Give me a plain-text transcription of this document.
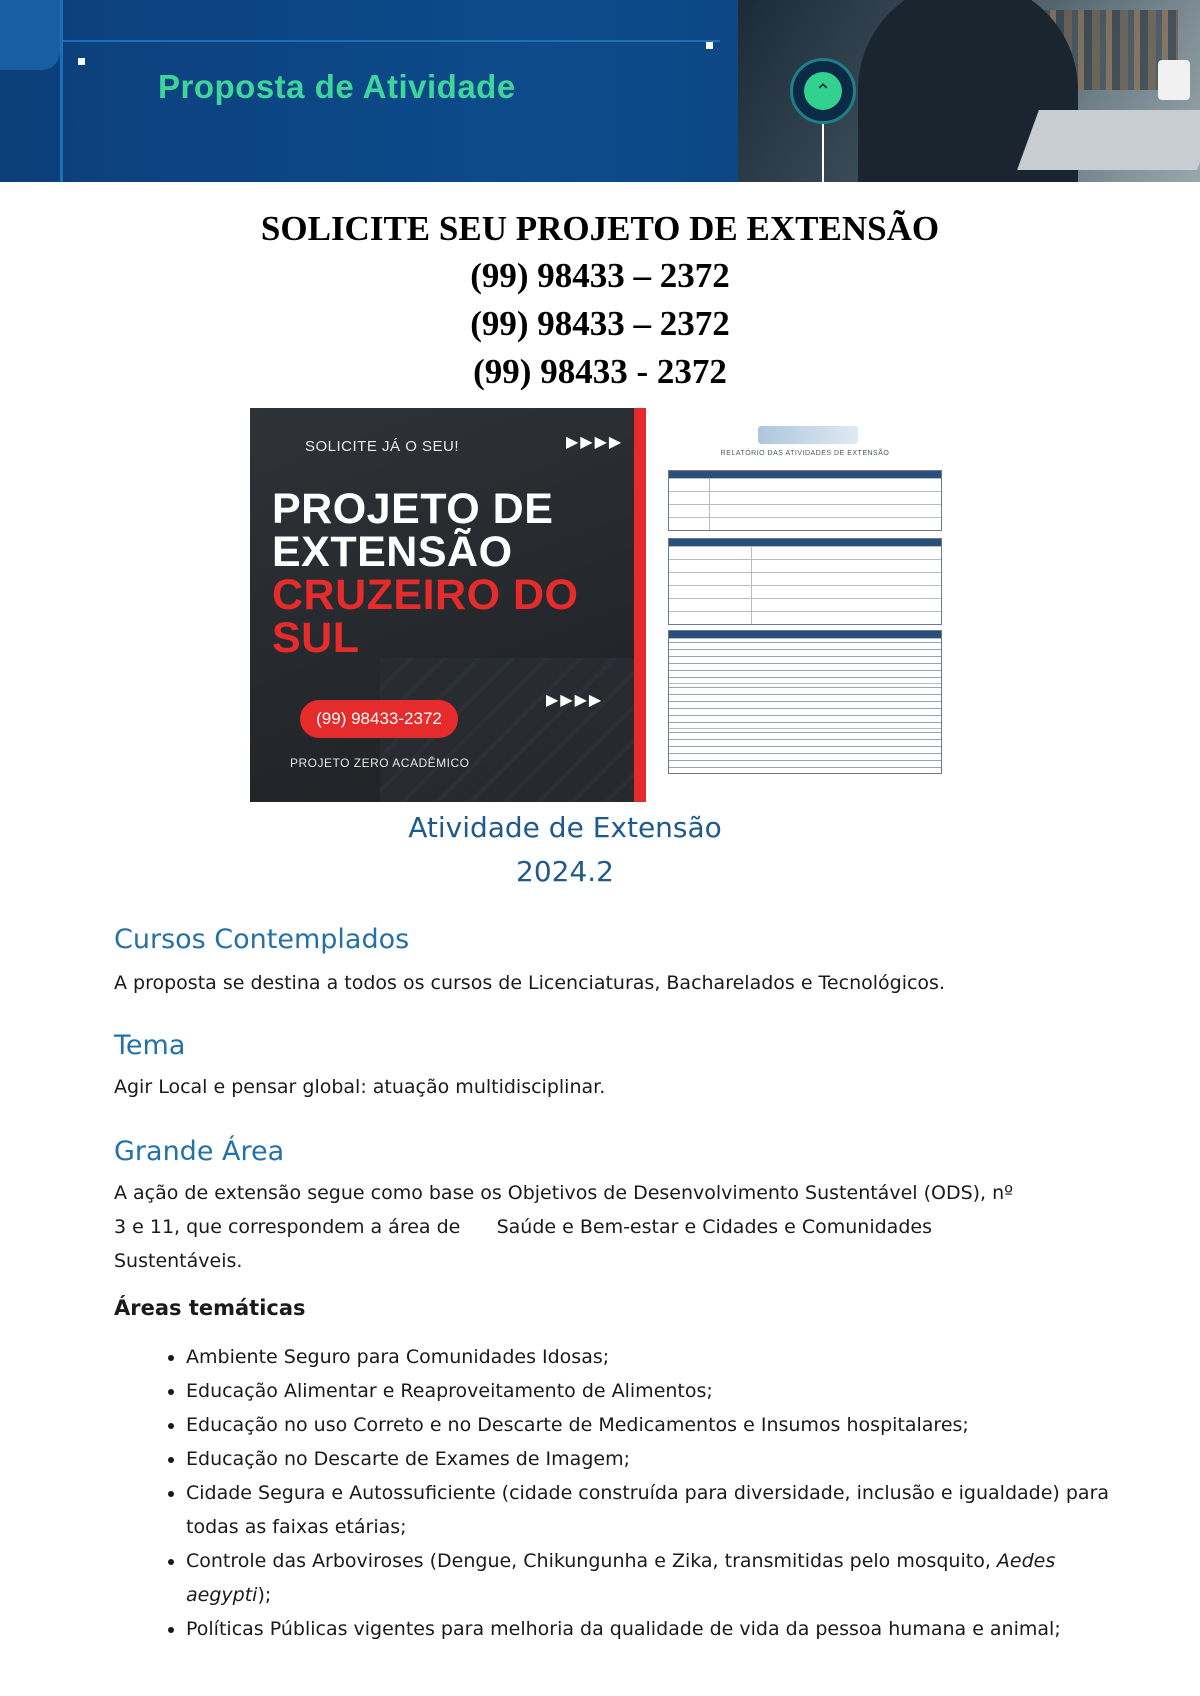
Proposta de Atividade	⌃
SOLICITE SEU PROJETO DE EXTENSÃO
(99) 98433 – 2372
(99) 98433 – 2372
(99) 98433 - 2372
SOLICITE JÁ O SEU!	▶▶▶▶
PROJETO DE
EXTENSÃO
CRUZEIRO DO
SUL
▶▶▶▶
(99) 98433-2372
PROJETO ZERO ACADÊMICO
RELATÓRIO DAS ATIVIDADES DE EXTENSÃO
Atividade de Extensão
2024.2
Cursos Contemplados
A proposta se destina a todos os cursos de Licenciaturas, Bacharelados e Tecnológicos.
Tema
Agir Local e pensar global: atuação multidisciplinar.
Grande Área
A ação de extensão segue como base os Objetivos de Desenvolvimento Sustentável (ODS), nº
3 e 11, que correspondem a área de      Saúde e Bem-estar e Cidades e Comunidades
Sustentáveis.
Áreas temáticas
• Ambiente Seguro para Comunidades Idosas;
• Educação Alimentar e Reaproveitamento de Alimentos;
• Educação no uso Correto e no Descarte de Medicamentos e Insumos hospitalares;
• Educação no Descarte de Exames de Imagem;
• Cidade Segura e Autossuficiente (cidade construída para diversidade, inclusão e igualdade) para todas as faixas etárias;
• Controle das Arboviroses (Dengue, Chikungunha e Zika, transmitidas pelo mosquito, Aedes aegypti);
• Políticas Públicas vigentes para melhoria da qualidade de vida da pessoa humana e animal;
